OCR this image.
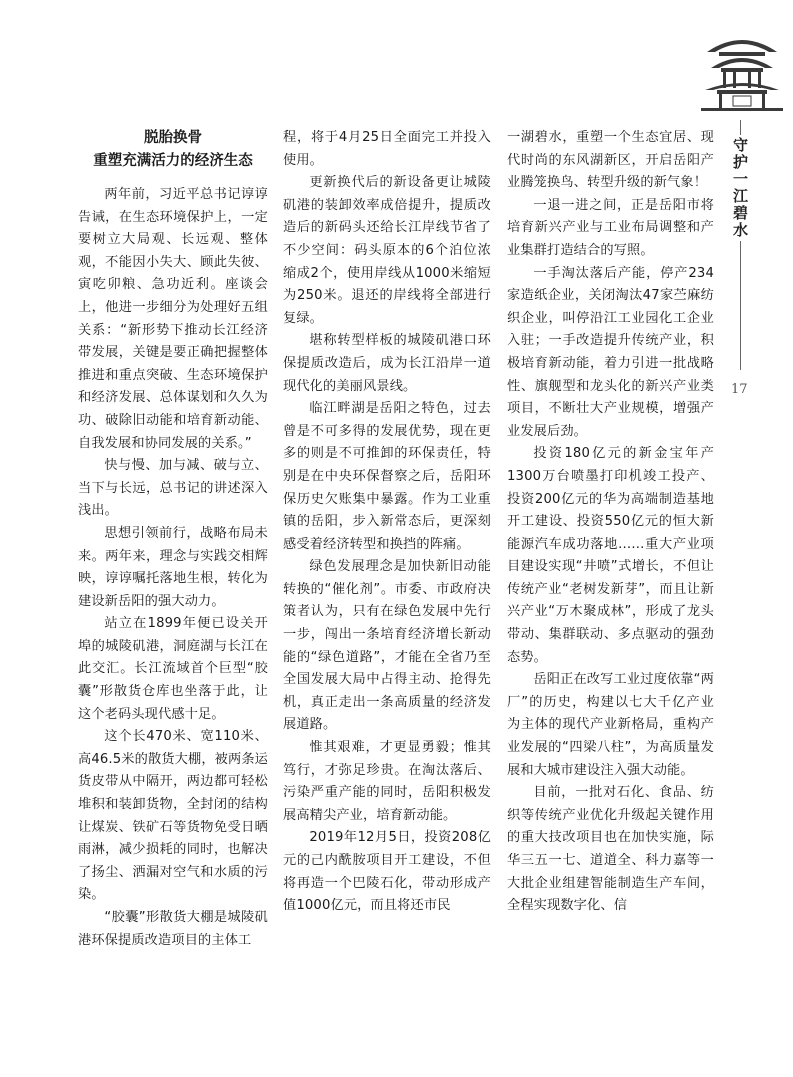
守护一江碧水
17

脱胎换骨

重塑充满活力的经济生态

两年前，习近平总书记谆谆告诫，在生态环境保护上，一定要树立大局观、长远观、整体观，不能因小失大、顾此失彼、寅吃卯粮、急功近利。座谈会上，他进一步细分为处理好五组关系：“新形势下推动长江经济带发展，关键是要正确把握整体推进和重点突破、生态环境保护和经济发展、总体谋划和久久为功、破除旧动能和培育新动能、自我发展和协同发展的关系。”

快与慢、加与减、破与立、当下与长远，总书记的讲述深入浅出。

思想引领前行，战略布局未来。两年来，理念与实践交相辉映，谆谆嘱托落地生根，转化为建设新岳阳的强大动力。

站立在1899年便已设关开埠的城陵矶港，洞庭湖与长江在此交汇。长江流域首个巨型“胶囊”形散货仓库也坐落于此，让这个老码头现代感十足。

这个长470米、宽110米、高46.5米的散货大棚，被两条运货皮带从中隔开，两边都可轻松堆积和装卸货物，全封闭的结构让煤炭、铁矿石等货物免受日晒雨淋，减少损耗的同时，也解决了扬尘、洒漏对空气和水质的污染。

“胶囊”形散货大棚是城陵矶港环保提质改造项目的主体工

程，将于4月25日全面完工并投入使用。

更新换代后的新设备更让城陵矶港的装卸效率成倍提升，提质改造后的新码头还给长江岸线节省了不少空间：码头原本的6个泊位浓缩成2个，使用岸线从1000米缩短为250米。退还的岸线将全部进行复绿。

堪称转型样板的城陵矶港口环保提质改造后，成为长江沿岸一道现代化的美丽风景线。

临江畔湖是岳阳之特色，过去曾是不可多得的发展优势，现在更多的则是不可推卸的环保责任，特别是在中央环保督察之后，岳阳环保历史欠账集中暴露。作为工业重镇的岳阳，步入新常态后，更深刻感受着经济转型和换挡的阵痛。

绿色发展理念是加快新旧动能转换的“催化剂”。市委、市政府决策者认为，只有在绿色发展中先行一步，闯出一条培育经济增长新动能的“绿色道路”，才能在全省乃至全国发展大局中占得主动、抢得先机，真正走出一条高质量的经济发展道路。

惟其艰难，才更显勇毅；惟其笃行，才弥足珍贵。在淘汰落后、污染严重产能的同时，岳阳积极发展高精尖产业，培育新动能。

2019年12月5日，投资208亿元的己内酰胺项目开工建设，不但将再造一个巴陵石化，带动形成产值1000亿元，而且将还市民

一湖碧水，重塑一个生态宜居、现代时尚的东风湖新区，开启岳阳产业腾笼换鸟、转型升级的新气象！

一退一进之间，正是岳阳市将培育新兴产业与工业布局调整和产业集群打造结合的写照。

一手淘汰落后产能，停产234家造纸企业，关闭淘汰47家苎麻纺织企业，叫停沿江工业园化工企业入驻；一手改造提升传统产业，积极培育新动能，着力引进一批战略性、旗舰型和龙头化的新兴产业类项目，不断壮大产业规模，增强产业发展后劲。

投资180亿元的新金宝年产1300万台喷墨打印机竣工投产、投资200亿元的华为高端制造基地开工建设、投资550亿元的恒大新能源汽车成功落地……重大产业项目建设实现“井喷”式增长，不但让传统产业“老树发新芽”，而且让新兴产业“万木聚成林”，形成了龙头带动、集群联动、多点驱动的强劲态势。

岳阳正在改写工业过度依靠“两厂”的历史，构建以七大千亿产业为主体的现代产业新格局，重构产业发展的“四梁八柱”，为高质量发展和大城市建设注入强大动能。

目前，一批对石化、食品、纺织等传统产业优化升级起关键作用的重大技改项目也在加快实施，际华三五一七、道道全、科力嘉等一大批企业组建智能制造生产车间，全程实现数字化、信
